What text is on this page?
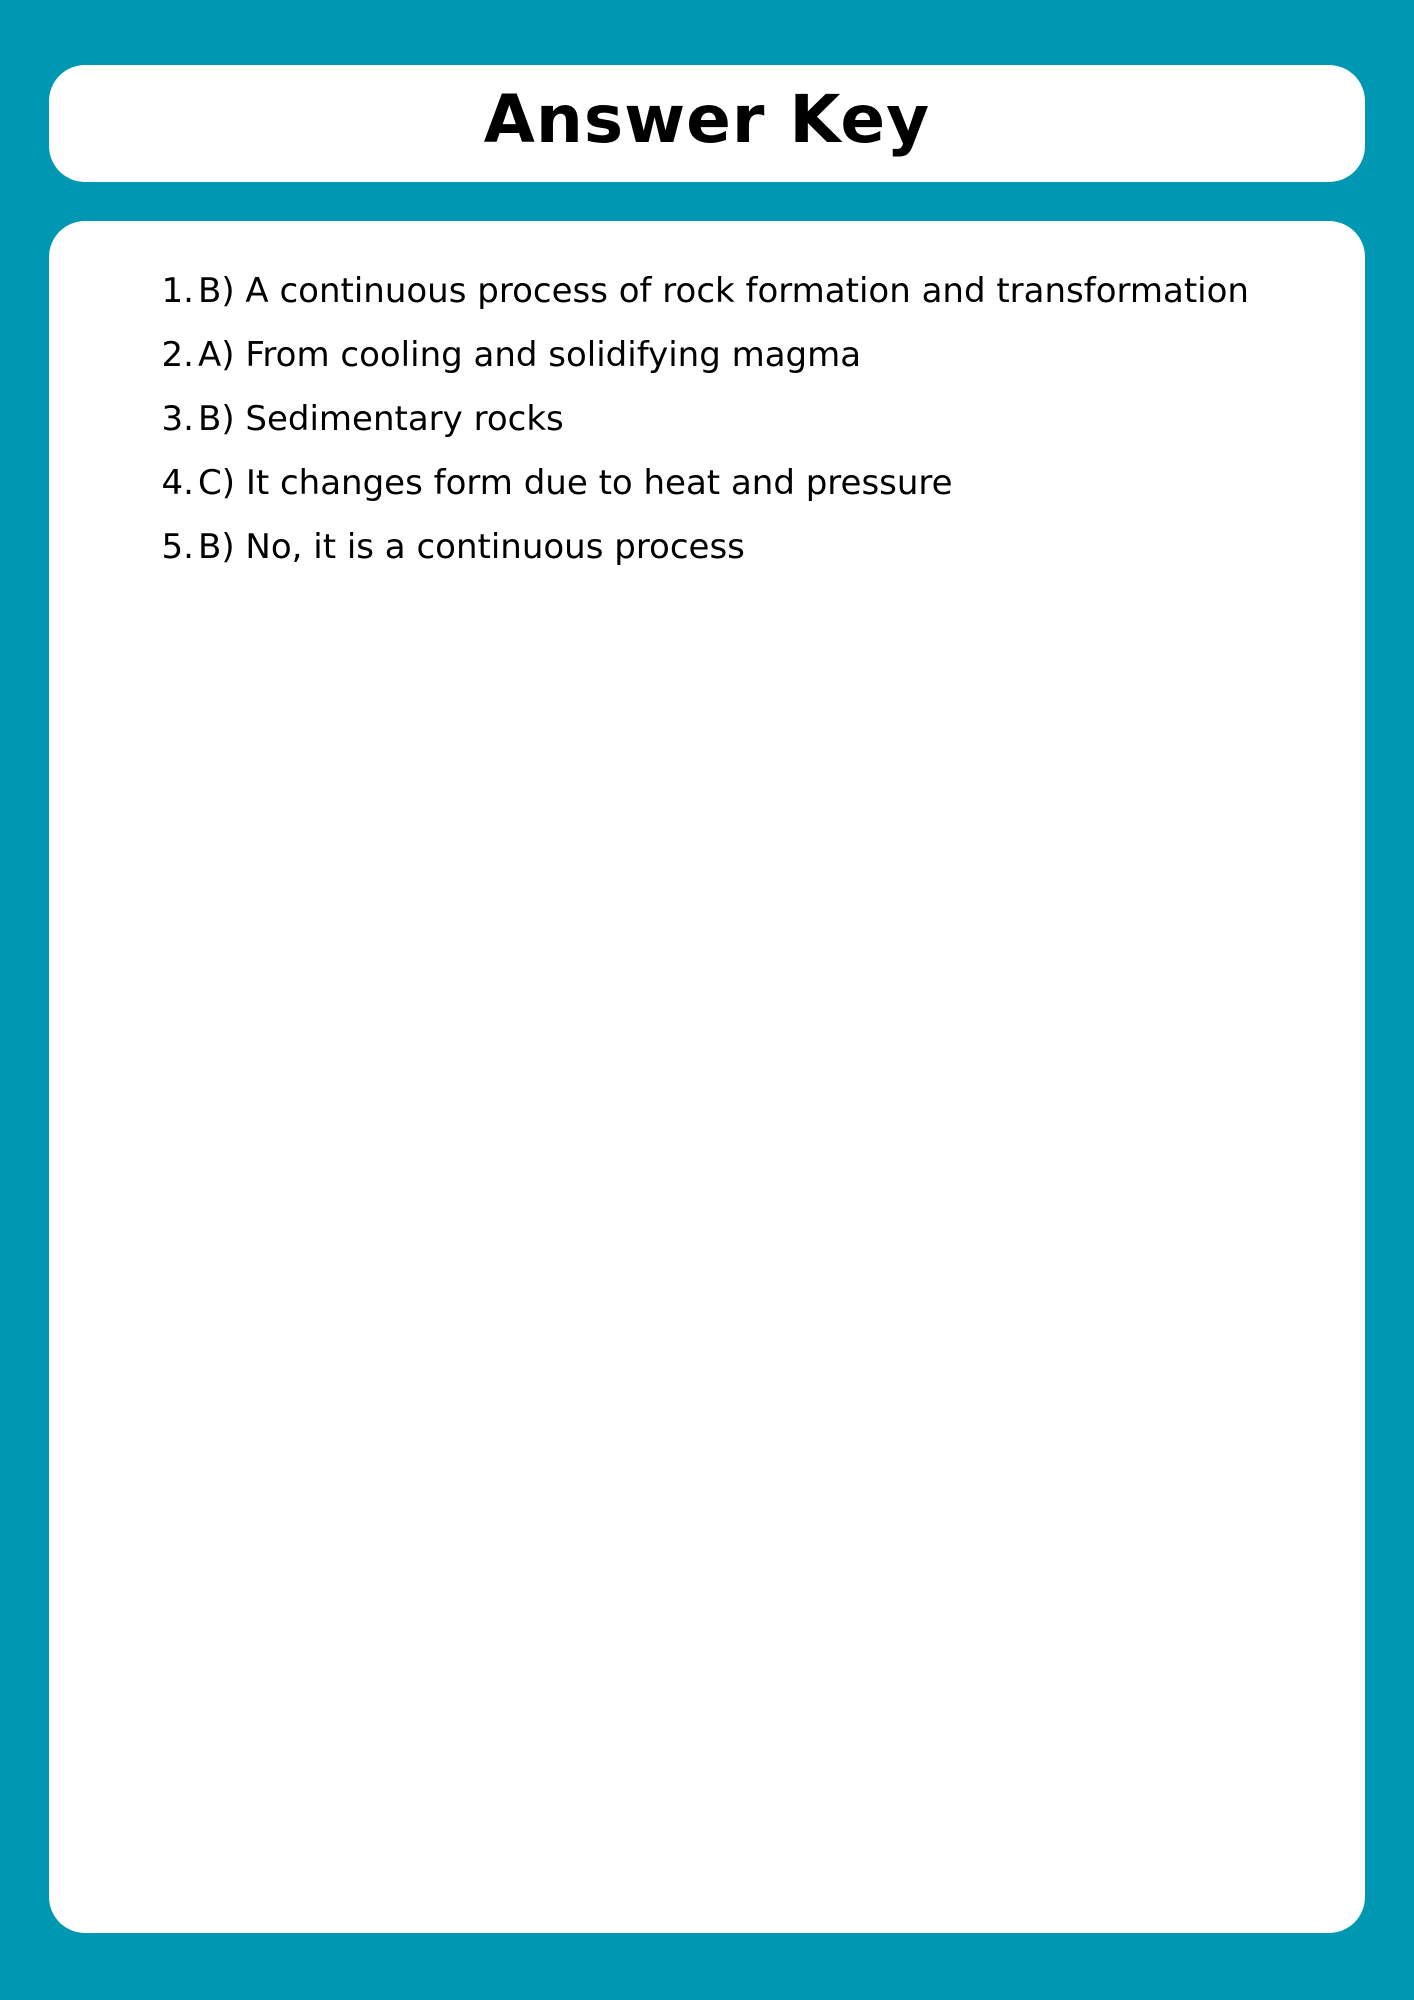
Answer Key
1. B) A continuous process of rock formation and transformation
2. A) From cooling and solidifying magma
3. B) Sedimentary rocks
4. C) It changes form due to heat and pressure
5. B) No, it is a continuous process
